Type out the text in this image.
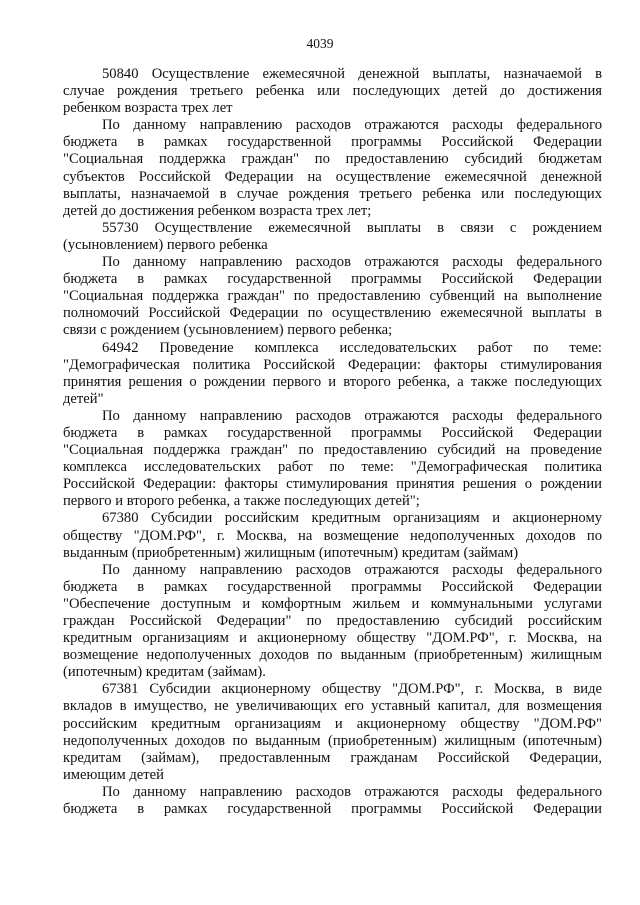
4039
50840 Осуществление ежемесячной денежной выплаты, назначаемой в
случае рождения третьего ребенка или последующих детей до достижения
ребенком возраста трех лет
По данному направлению расходов отражаются расходы федерального
бюджета в рамках государственной программы Российской Федерации
"Социальная поддержка граждан" по предоставлению субсидий бюджетам
субъектов Российской Федерации на осуществление ежемесячной денежной
выплаты, назначаемой в случае рождения третьего ребенка или последующих
детей до достижения ребенком возраста трех лет;
55730 Осуществление ежемесячной выплаты в связи с рождением
(усыновлением) первого ребенка
По данному направлению расходов отражаются расходы федерального
бюджета в рамках государственной программы Российской Федерации
"Социальная поддержка граждан" по предоставлению субвенций на выполнение
полномочий Российской Федерации по осуществлению ежемесячной выплаты в
связи с рождением (усыновлением) первого ребенка;
64942 Проведение комплекса исследовательских работ по теме:
"Демографическая политика Российской Федерации: факторы стимулирования
принятия решения о рождении первого и второго ребенка, а также последующих
детей"
По данному направлению расходов отражаются расходы федерального
бюджета в рамках государственной программы Российской Федерации
"Социальная поддержка граждан" по предоставлению субсидий на проведение
комплекса исследовательских работ по теме: "Демографическая политика
Российской Федерации: факторы стимулирования принятия решения о рождении
первого и второго ребенка, а также последующих детей";
67380 Субсидии российским кредитным организациям и акционерному
обществу "ДОМ.РФ", г. Москва, на возмещение недополученных доходов по
выданным (приобретенным) жилищным (ипотечным) кредитам (займам)
По данному направлению расходов отражаются расходы федерального
бюджета в рамках государственной программы Российской Федерации
"Обеспечение доступным и комфортным жильем и коммунальными услугами
граждан Российской Федерации" по предоставлению субсидий российским
кредитным организациям и акционерному обществу "ДОМ.РФ", г. Москва, на
возмещение недополученных доходов по выданным (приобретенным) жилищным
(ипотечным) кредитам (займам).
67381 Субсидии акционерному обществу "ДОМ.РФ", г. Москва, в виде
вкладов в имущество, не увеличивающих его уставный капитал, для возмещения
российским кредитным организациям и акционерному обществу "ДОМ.РФ"
недополученных доходов по выданным (приобретенным) жилищным (ипотечным)
кредитам (займам), предоставленным гражданам Российской Федерации,
имеющим детей
По данному направлению расходов отражаются расходы федерального
бюджета в рамках государственной программы Российской Федерации
